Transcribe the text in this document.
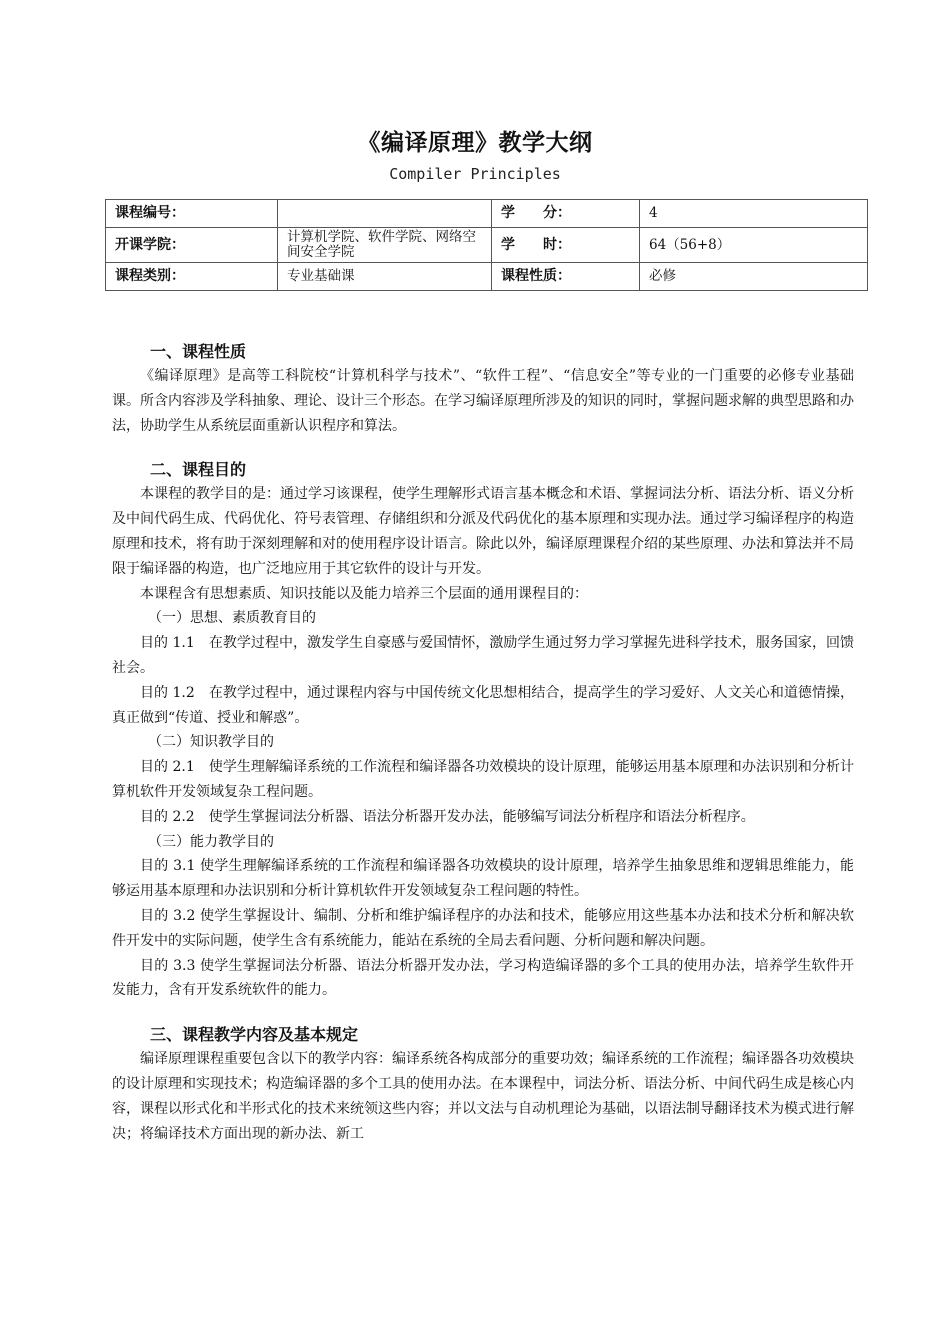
《编译原理》教学大纲
Compiler Principles
课程编号：		学　　分：	4
开课学院：	计算机学院、软件学院、网络空间安全学院	学　　时：	64（56+8）
课程类别：	专业基础课	课程性质：	必修
一、课程性质

《编译原理》是高等工科院校“计算机科学与技术”、“软件工程”、“信息安全”等专业的一门重要的必修专业基础课。所含内容涉及学科抽象、理论、设计三个形态。在学习编译原理所涉及的知识的同时，掌握问题求解的典型思路和办法，协助学生从系统层面重新认识程序和算法。

二、课程目的

本课程的教学目的是：通过学习该课程，使学生理解形式语言基本概念和术语、掌握词法分析、语法分析、语义分析及中间代码生成、代码优化、符号表管理、存储组织和分派及代码优化的基本原理和实现办法。通过学习编译程序的构造原理和技术，将有助于深刻理解和对的使用程序设计语言。除此以外，编译原理课程介绍的某些原理、办法和算法并不局限于编译器的构造，也广泛地应用于其它软件的设计与开发。

本课程含有思想素质、知识技能以及能力培养三个层面的通用课程目的：

（一）思想、素质教育目的

目的 1.1　在教学过程中，激发学生自豪感与爱国情怀，激励学生通过努力学习掌握先进科学技术，服务国家，回馈社会。

目的 1.2　在教学过程中，通过课程内容与中国传统文化思想相结合，提高学生的学习爱好、人文关心和道德情操，真正做到“传道、授业和解惑”。

（二）知识教学目的

目的 2.1　使学生理解编译系统的工作流程和编译器各功效模块的设计原理，能够运用基本原理和办法识别和分析计算机软件开发领域复杂工程问题。

目的 2.2　使学生掌握词法分析器、语法分析器开发办法，能够编写词法分析程序和语法分析程序。

（三）能力教学目的

目的 3.1 使学生理解编译系统的工作流程和编译器各功效模块的设计原理，培养学生抽象思维和逻辑思维能力，能够运用基本原理和办法识别和分析计算机软件开发领域复杂工程问题的特性。

目的 3.2 使学生掌握设计、编制、分析和维护编译程序的办法和技术，能够应用这些基本办法和技术分析和解决软件开发中的实际问题，使学生含有系统能力，能站在系统的全局去看问题、分析问题和解决问题。

目的 3.3 使学生掌握词法分析器、语法分析器开发办法，学习构造编译器的多个工具的使用办法，培养学生软件开发能力，含有开发系统软件的能力。

三、课程教学内容及基本规定

编译原理课程重要包含以下的教学内容：编译系统各构成部分的重要功效；编译系统的工作流程；编译器各功效模块的设计原理和实现技术；构造编译器的多个工具的使用办法。在本课程中，词法分析、语法分析、中间代码生成是核心内容，课程以形式化和半形式化的技术来统领这些内容；并以文法与自动机理论为基础，以语法制导翻译技术为模式进行解决；将编译技术方面出现的新办法、新工
